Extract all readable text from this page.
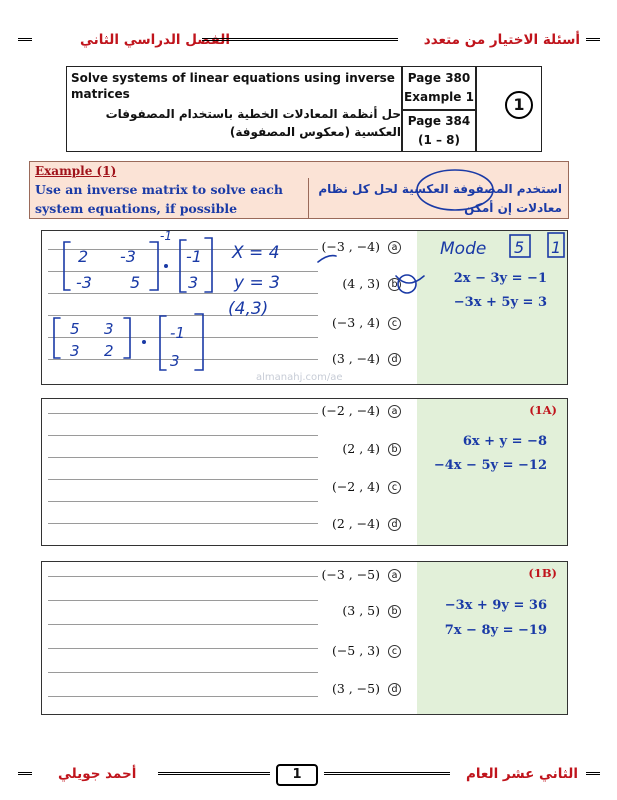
الفصل الدراسي الثاني	أسئلة الاختيار من متعدد
Solve systems of linear equations using inverse matrices
حل أنظمة المعادلات الخطية باستخدام المصفوفات العكسية (معكوس المصفوفة)
Page 380
Example 1
Page 384
(1 – 8)
1
Example (1)
Use an inverse matrix to solve each system equations, if possible
استخدم المصفوفة العكسية لحل كل نظام معادلات إن أمكن
(−3 , −4) a
(4 , 3) b
(−3 , 4) c
(3 , −4) d
2x − 3y = −1
−3x + 5y = 3
(1A)
(−2 , −4) a
(2 , 4) b
(−2 , 4) c
(2 , −4) d
6x + y = −8
−4x − 5y = −12
(1B)
(−3 , −5) a
(3 , 5) b
(−5 , 3) c
(3 , −5) d
−3x + 9y = 36
7x − 8y = −19
almanahj.com/ae
Mode 5 1
2 -3
-3 5
-1
-1
3
X = 4
y = 3
(4,3)
5 3
3 2
-1
3
أحمد جويلي	1	الثاني عشر العام
